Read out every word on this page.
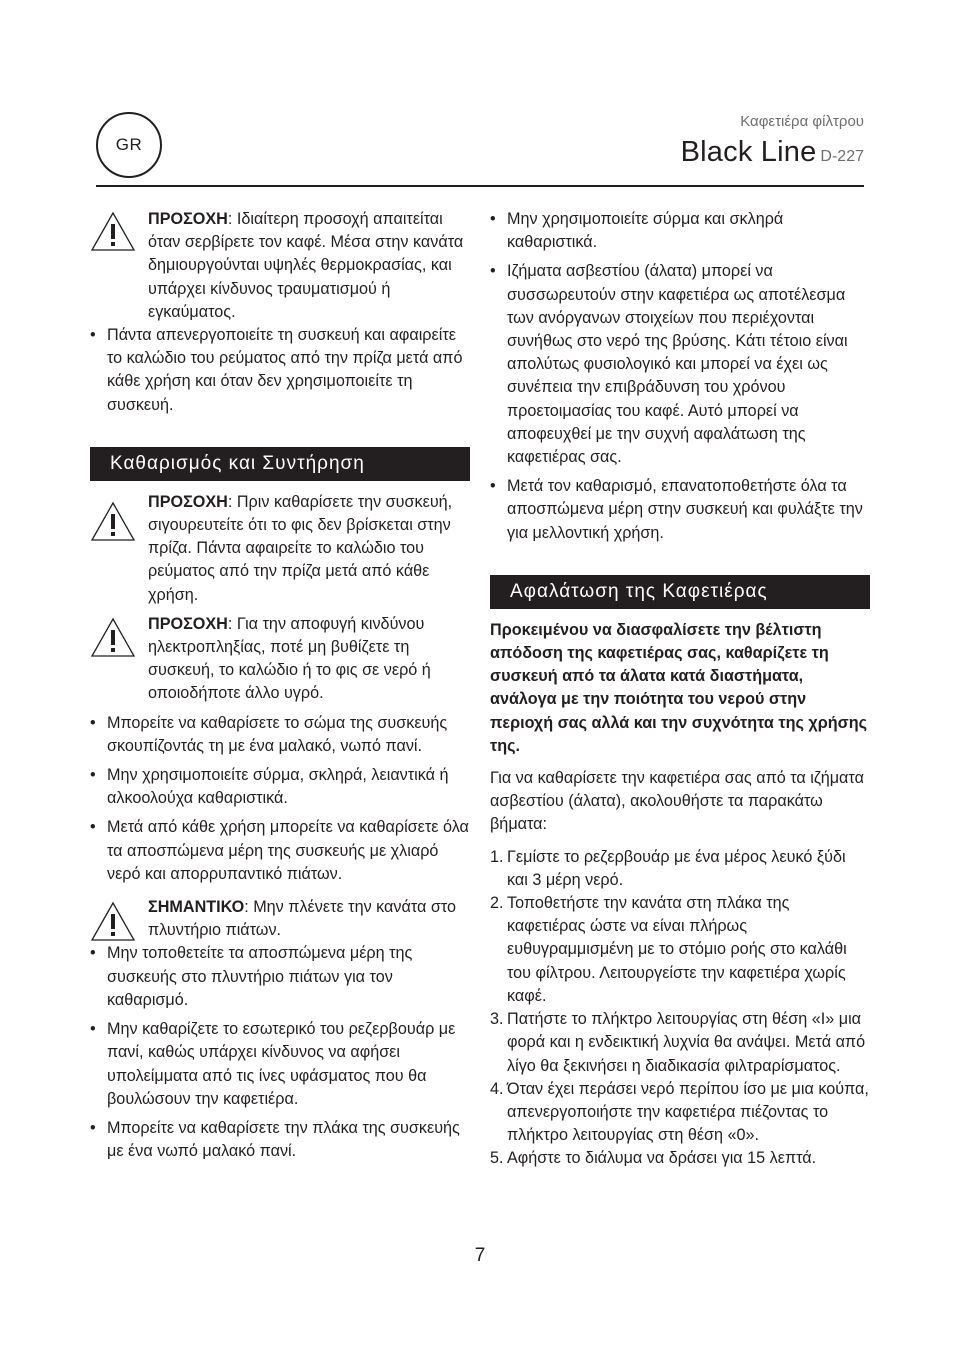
GR
Καφετιέρα φίλτρου
Black Line D-227
ΠΡΟΣΟΧΗ: Ιδιαίτερη προσοχή απαιτείται όταν σερβίρετε τον καφέ. Μέσα στην κανάτα δημιουργούνται υψηλές θερμοκρασίας, και υπάρχει κίνδυνος τραυματισμού ή εγκαύματος.
• Πάντα απενεργοποιείτε τη συσκευή και αφαιρείτε το καλώδιο του ρεύματος από την πρίζα μετά από κάθε χρήση και όταν δεν χρησιμοποιείτε τη συσκευή.
Καθαρισμός και Συντήρηση
ΠΡΟΣΟΧΗ: Πριν καθαρίσετε την συσκευή, σιγουρευτείτε ότι το φις δεν βρίσκεται στην πρίζα. Πάντα αφαιρείτε το καλώδιο του ρεύματος από την πρίζα μετά από κάθε χρήση.
ΠΡΟΣΟΧΗ: Για την αποφυγή κινδύνου ηλεκτροπληξίας, ποτέ μη βυθίζετε τη συσκευή, το καλώδιο ή το φις σε νερό ή οποιοδήποτε άλλο υγρό.
• Μπορείτε να καθαρίσετε το σώμα της συσκευής σκουπίζοντάς τη με ένα μαλακό, νωπό πανί.
• Μην χρησιμοποιείτε σύρμα, σκληρά, λειαντικά ή αλκοολούχα καθαριστικά.
• Μετά από κάθε χρήση μπορείτε να καθαρίσετε όλα τα αποσπώμενα μέρη της συσκευής με χλιαρό νερό και απορρυπαντικό πιάτων.
ΣΗΜΑΝΤΙΚΟ: Μην πλένετε την κανάτα στο πλυντήριο πιάτων.
• Μην τοποθετείτε τα αποσπώμενα μέρη της συσκευής στο πλυντήριο πιάτων για τον καθαρισμό.
• Μην καθαρίζετε το εσωτερικό του ρεζερβουάρ με πανί, καθώς υπάρχει κίνδυνος να αφήσει υπολείμματα από τις ίνες υφάσματος που θα βουλώσουν την καφετιέρα.
• Μπορείτε να καθαρίσετε την πλάκα της συσκευής με ένα νωπό μαλακό πανί.
• Μην χρησιμοποιείτε σύρμα και σκληρά καθαριστικά.
• Ιζήματα ασβεστίου (άλατα) μπορεί να συσσωρευτούν στην καφετιέρα ως αποτέλεσμα των ανόργανων στοιχείων που περιέχονται συνήθως στο νερό της βρύσης. Κάτι τέτοιο είναι απολύτως φυσιολογικό και μπορεί να έχει ως συνέπεια την επιβράδυνση του χρόνου προετοιμασίας του καφέ. Αυτό μπορεί να αποφευχθεί με την συχνή αφαλάτωση της καφετιέρας σας.
• Μετά τον καθαρισμό, επανατοποθετήστε όλα τα αποσπώμενα μέρη στην συσκευή και φυλάξτε την για μελλοντική χρήση.
Αφαλάτωση της Καφετιέρας
Προκειμένου να διασφαλίσετε την βέλτιστη απόδοση της καφετιέρας σας, καθαρίζετε τη συσκευή από τα άλατα κατά διαστήματα, ανάλογα με την ποιότητα του νερού στην περιοχή σας αλλά και την συχνότητα της χρήσης της.
Για να καθαρίσετε την καφετιέρα σας από τα ιζήματα ασβεστίου (άλατα), ακολουθήστε τα παρακάτω βήματα:
1. Γεμίστε το ρεζερβουάρ με ένα μέρος λευκό ξύδι και 3 μέρη νερό.
2. Τοποθετήστε την κανάτα στη πλάκα της καφετιέρας ώστε να είναι πλήρως ευθυγραμμισμένη με το στόμιο ροής στο καλάθι του φίλτρου. Λειτουργείστε την καφετιέρα χωρίς καφέ.
3. Πατήστε το πλήκτρο λειτουργίας στη θέση «I» μια φορά και η ενδεικτική λυχνία θα ανάψει. Μετά από λίγο θα ξεκινήσει η διαδικασία φιλτραρίσματος.
4. Όταν έχει περάσει νερό περίπου ίσο με μια κούπα, απενεργοποιήστε την καφετιέρα πιέζοντας το πλήκτρο λειτουργίας στη θέση «0».
5. Αφήστε το διάλυμα να δράσει για 15 λεπτά.
7
